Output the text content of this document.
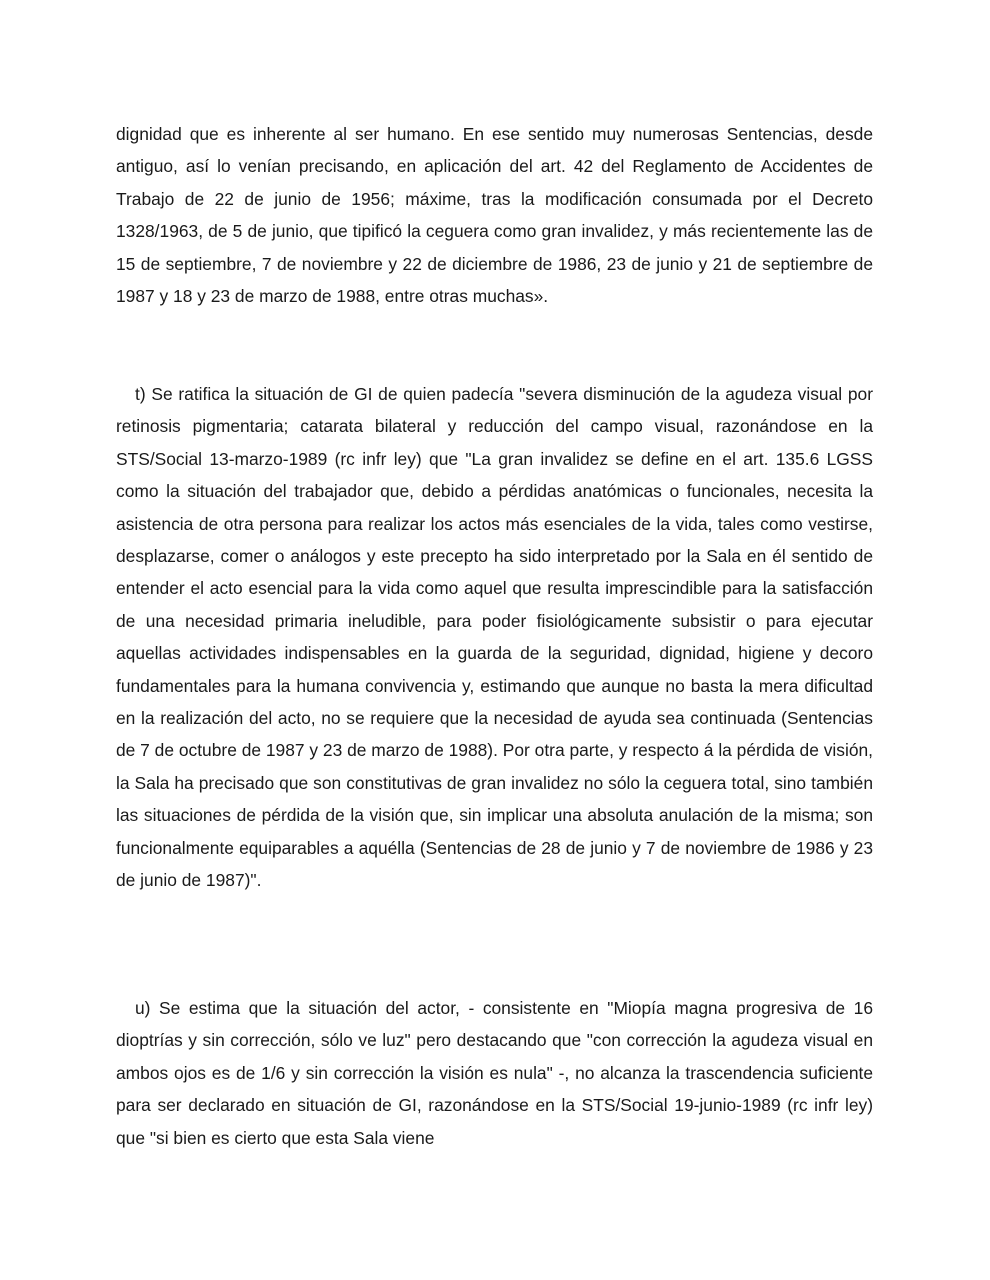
dignidad que es inherente al ser humano. En ese sentido muy numerosas Sentencias, desde antiguo, así lo venían precisando, en aplicación del art. 42 del Reglamento de Accidentes de Trabajo de 22 de junio de 1956; máxime, tras la modificación consumada por el Decreto 1328/1963, de 5 de junio, que tipificó la ceguera como gran invalidez, y más recientemente las de 15 de septiembre, 7 de noviembre y 22 de diciembre de 1986, 23 de junio y 21 de septiembre de 1987 y 18 y 23 de marzo de 1988, entre otras muchas».

t) Se ratifica la situación de GI de quien padecía "severa disminución de la agudeza visual por retinosis pigmentaria; catarata bilateral y reducción del campo visual, razonándose en la STS/Social 13-marzo-1989 (rc infr ley) que "La gran invalidez se define en el art. 135.6 LGSS como la situación del trabajador que, debido a pérdidas anatómicas o funcionales, necesita la asistencia de otra persona para realizar los actos más esenciales de la vida, tales como vestirse, desplazarse, comer o análogos y este precepto ha sido interpretado por la Sala en él sentido de entender el acto esencial para la vida como aquel que resulta imprescindible para la satisfacción de una necesidad primaria ineludible, para poder fisiológicamente subsistir o para ejecutar aquellas actividades indispensables en la guarda de la seguridad, dignidad, higiene y decoro fundamentales para la humana convivencia y, estimando que aunque no basta la mera dificultad en la realización del acto, no se requiere que la necesidad de ayuda sea continuada (Sentencias de 7 de octubre de 1987 y 23 de marzo de 1988). Por otra parte, y respecto á la pérdida de visión, la Sala ha precisado que son constitutivas de gran invalidez no sólo la ceguera total, sino también las situaciones de pérdida de la visión que, sin implicar una absoluta anulación de la misma; son funcionalmente equiparables a aquélla (Sentencias de 28 de junio y 7 de noviembre de 1986 y 23 de junio de 1987)".

u) Se estima que la situación del actor, - consistente en "Miopía magna progresiva de 16 dioptrías y sin corrección, sólo ve luz" pero destacando que "con corrección la agudeza visual en ambos ojos es de 1/6 y sin corrección la visión es nula" -, no alcanza la trascendencia suficiente para ser declarado en situación de GI, razonándose en la STS/Social 19-junio-1989 (rc infr ley) que "si bien es cierto que esta Sala viene
